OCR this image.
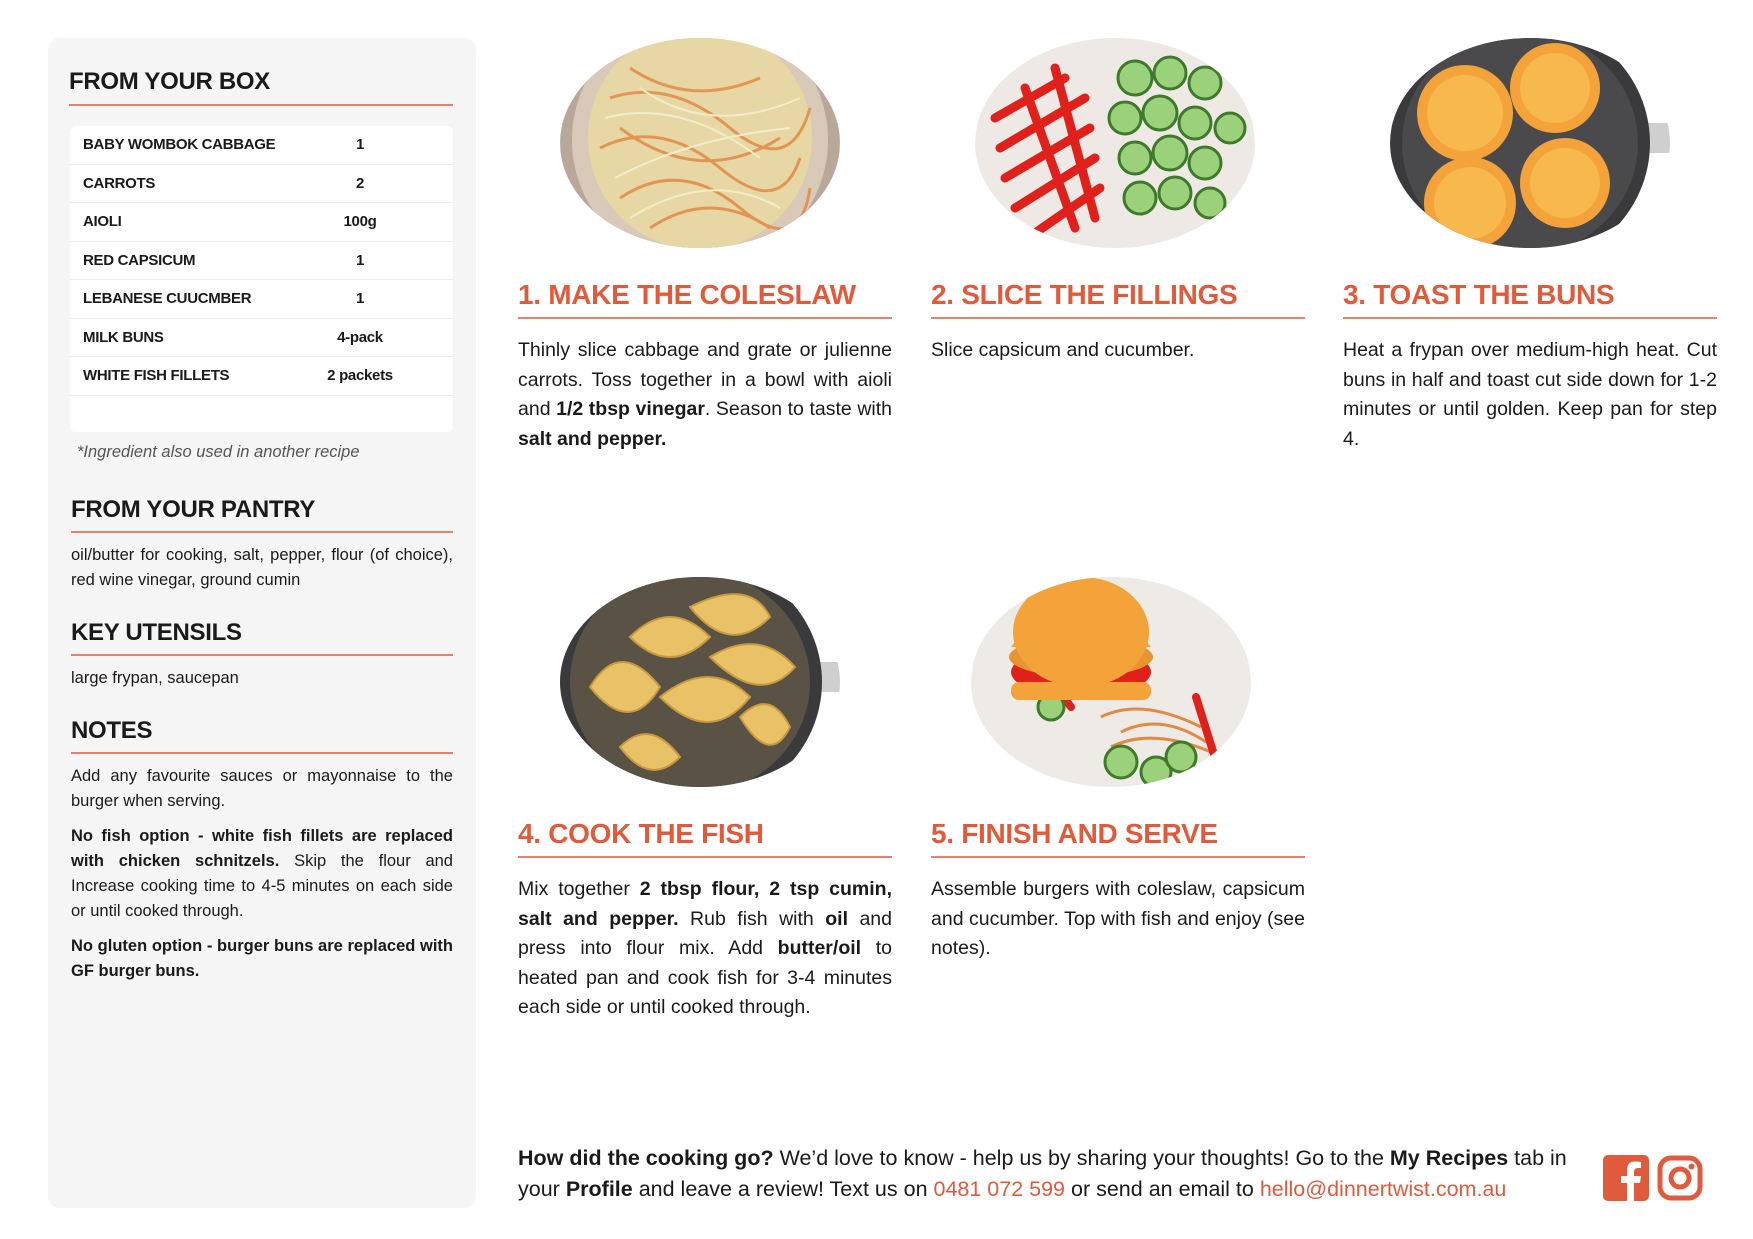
FROM YOUR BOX
BABY WOMBOK CABBAGE	1
CARROTS	2
AIOLI	100g
RED CAPSICUM	1
LEBANESE CUUCMBER	1
MILK BUNS	4-pack
WHITE FISH FILLETS	2 packets
*Ingredient also used in another recipe
FROM YOUR PANTRY

oil/butter for cooking, salt, pepper, flour (of choice), red wine vinegar, ground cumin

KEY UTENSILS

large frypan, saucepan

NOTES

Add any favourite sauces or mayonnaise to the burger when serving.

No fish option - white fish fillets are replaced with chicken schnitzels. Skip the flour and Increase cooking time to 4-5 minutes on each side or until cooked through.

No gluten option - burger buns are replaced with GF burger buns.

1. MAKE THE COLESLAW

Thinly slice cabbage and grate or julienne carrots. Toss together in a bowl with aioli and 1/2 tbsp vinegar. Season to taste with salt and pepper.

2. SLICE THE FILLINGS

Slice capsicum and cucumber.

3. TOAST THE BUNS

Heat a frypan over medium-high heat. Cut buns in half and toast cut side down for 1-2 minutes or until golden. Keep pan for step 4.

4. COOK THE FISH

Mix together 2 tbsp flour, 2 tsp cumin, salt and pepper. Rub fish with oil and press into flour mix. Add butter/oil to heated pan and cook fish for 3-4 minutes each side or until cooked through.

5. FINISH AND SERVE

Assemble burgers with coleslaw, capsicum and cucumber. Top with fish and enjoy (see notes).

How did the cooking go? We’d love to know - help us by sharing your thoughts! Go to the My Recipes tab in your Profile and leave a review! Text us on 0481 072 599 or send an email to hello@dinnertwist.com.au
